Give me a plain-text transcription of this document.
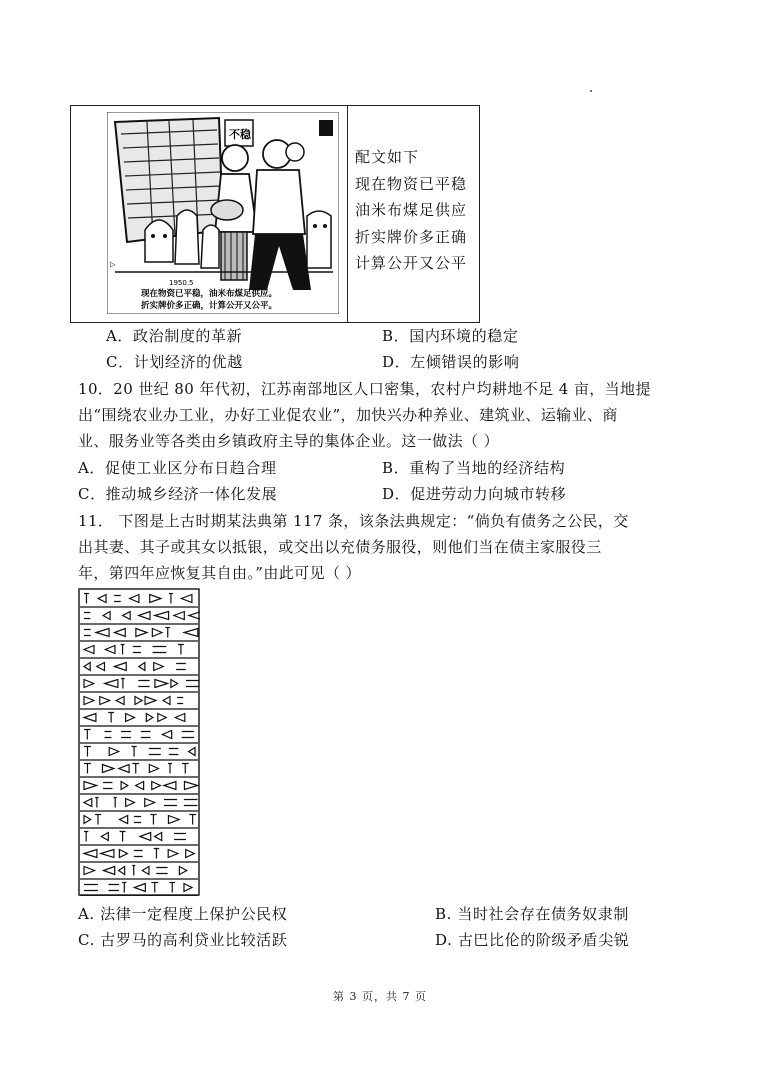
不稳
△
1950.5
现在物资已平稳，油米布煤足供应。
折实牌价多正确，计算公开又公平。
配文如下
现在物资已平稳
油米布煤足供应
折实牌价多正确
计算公开又公平
A．政治制度的革新	B．国内环境的稳定
C．计划经济的优越	D．左倾错误的影响
10．20 世纪 80 年代初，江苏南部地区人口密集，农村户均耕地不足 4 亩，当地提
出“围绕农业办工业，办好工业促农业”，加快兴办种养业、建筑业、运输业、商
业、服务业等各类由乡镇政府主导的集体企业。这一做法（ ）
A．促使工业区分布日趋合理	B．重构了当地的经济结构
C．推动城乡经济一体化发展	D．促进劳动力向城市转移
11． 下图是上古时期某法典第 117 条，该条法典规定：“倘负有债务之公民，交
出其妻、其子或其女以抵银，或交出以充债务服役，则他们当在债主家服役三
年，第四年应恢复其自由。”由此可见（ ）
A. 法律一定程度上保护公民权	B. 当时社会存在债务奴隶制
C. 古罗马的高利贷业比较活跃	D. 古巴比伦的阶级矛盾尖锐
第 3 页，共 7 页
